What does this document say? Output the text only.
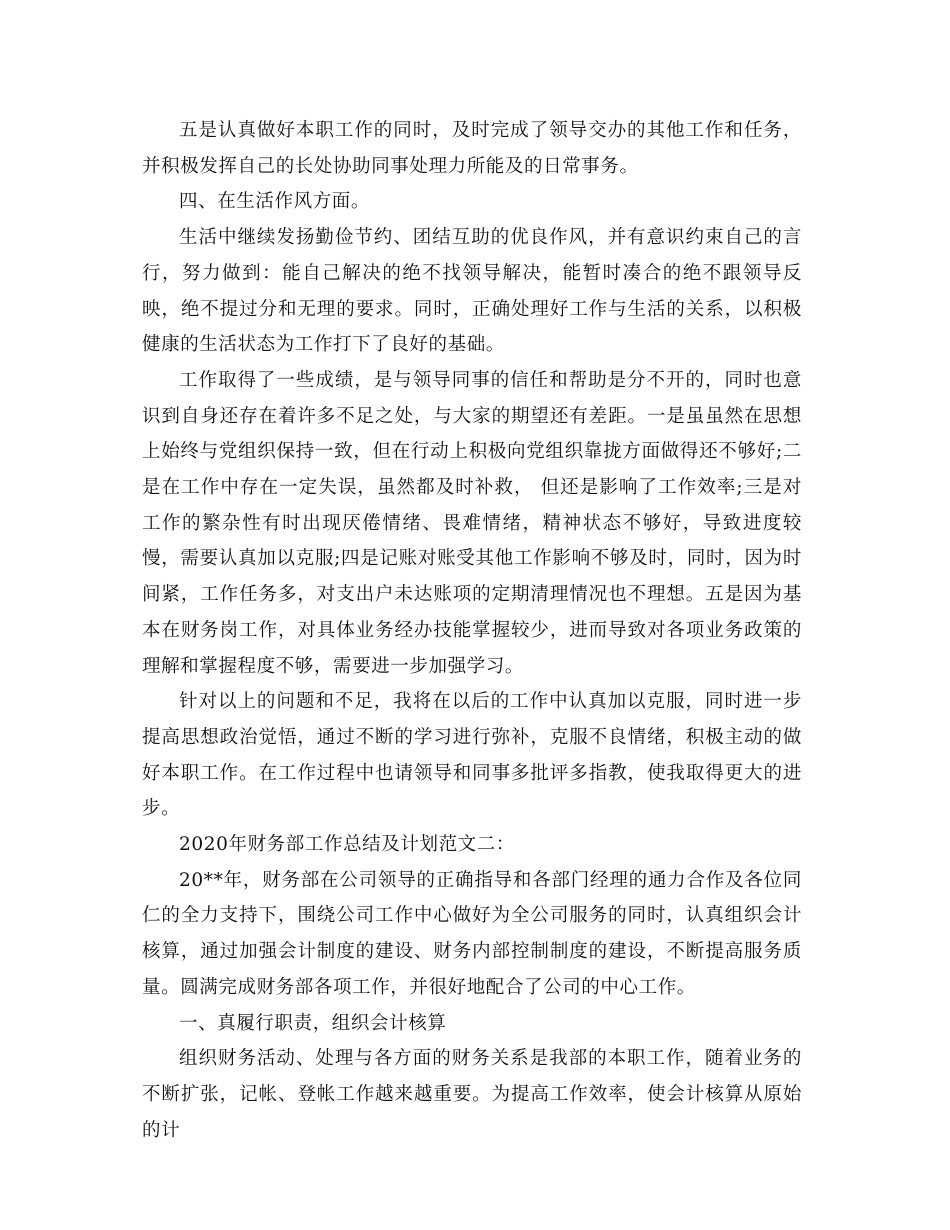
五是认真做好本职工作的同时，及时完成了领导交办的其他工作和任务，并积极发挥自己的长处协助同事处理力所能及的日常事务。

四、在生活作风方面。

生活中继续发扬勤俭节约、团结互助的优良作风，并有意识约束自己的言行，努力做到：能自己解决的绝不找领导解决，能暂时凑合的绝不跟领导反映，绝不提过分和无理的要求。同时，正确处理好工作与生活的关系，以积极健康的生活状态为工作打下了良好的基础。

工作取得了一些成绩，是与领导同事的信任和帮助是分不开的，同时也意识到自身还存在着许多不足之处，与大家的期望还有差距。一是虽虽然在思想上始终与党组织保持一致，但在行动上积极向党组织靠拢方面做得还不够好;二是在工作中存在一定失误，虽然都及时补救， 但还是影响了工作效率;三是对工作的繁杂性有时出现厌倦情绪、畏难情绪，精神状态不够好，导致进度较慢，需要认真加以克服;四是记账对账受其他工作影响不够及时，同时，因为时间紧，工作任务多，对支出户未达账项的定期清理情况也不理想。五是因为基本在财务岗工作，对具体业务经办技能掌握较少，进而导致对各项业务政策的理解和掌握程度不够，需要进一步加强学习。

针对以上的问题和不足，我将在以后的工作中认真加以克服，同时进一步提高思想政治觉悟，通过不断的学习进行弥补，克服不良情绪，积极主动的做好本职工作。在工作过程中也请领导和同事多批评多指教，使我取得更大的进步。

2020年财务部工作总结及计划范文二：

20**年，财务部在公司领导的正确指导和各部门经理的通力合作及各位同仁的全力支持下，围绕公司工作中心做好为全公司服务的同时，认真组织会计核算，通过加强会计制度的建设、财务内部控制制度的建设，不断提高服务质量。圆满完成财务部各项工作，并很好地配合了公司的中心工作。

一、真履行职责，组织会计核算

组织财务活动、处理与各方面的财务关系是我部的本职工作，随着业务的不断扩张，记帐、登帐工作越来越重要。为提高工作效率，使会计核算从原始的计
